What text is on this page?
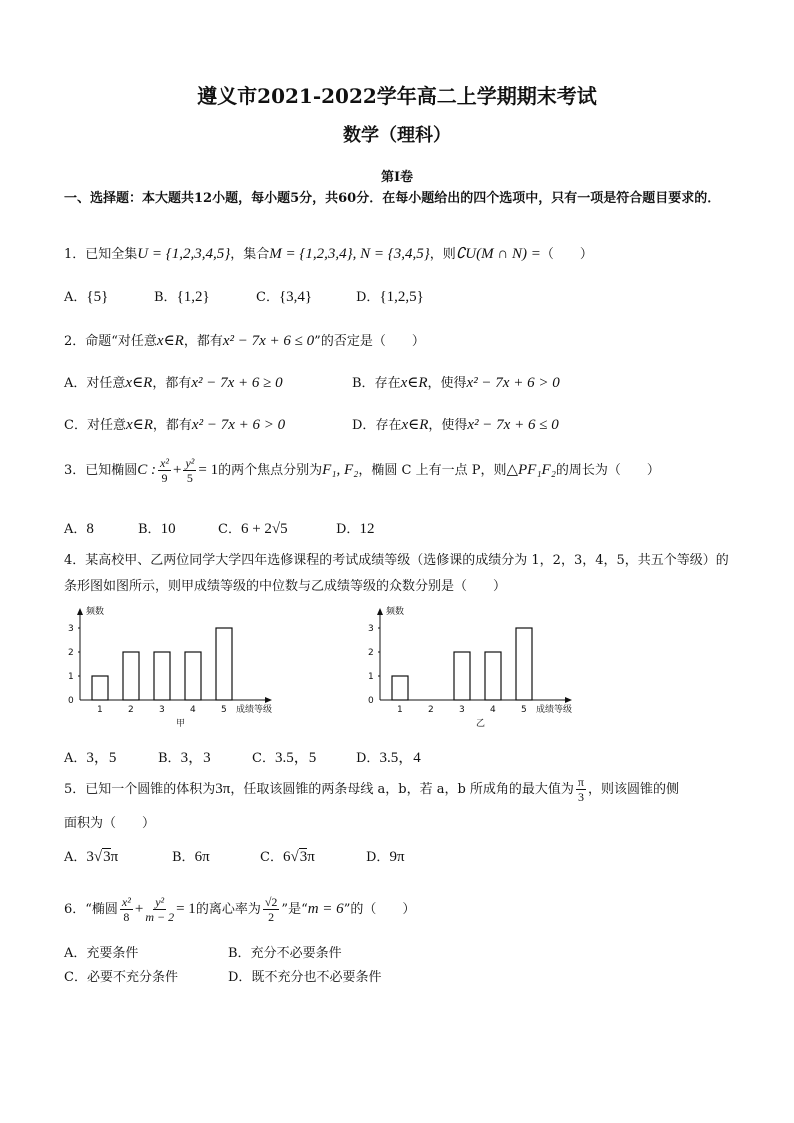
遵义市2021-2022学年高二上学期期末考试
数学（理科）
第Ⅰ卷
一、选择题：本大题共12小题，每小题5分，共60分．在每小题给出的四个选项中，只有一项是符合题目要求的．
1．已知全集U = {1,2,3,4,5}，集合M = {1,2,3,4}, N = {3,4,5}，则∁U(M ∩ N) =（　　）
A．{5}	B．{1,2}	C．{3,4}	D．{1,2,5}
2．命题“对任意x∈R，都有x² − 7x + 6 ≤ 0”的否定是（　　）
A．对任意x∈R，都有x² − 7x + 6 ≥ 0	B．存在x∈R，使得x² − 7x + 6 > 0
C．对任意x∈R，都有x² − 7x + 6 > 0	D．存在x∈R，使得x² − 7x + 6 ≤ 0
3．已知椭圆C : $\frac{\text{x²}}{9} + \frac{\text{y²}}{5} = 1$的两个焦点分别为F₁, F₂，椭圆 C 上有一点 P，则△PF₁F₂的周长为（　　）
A．8	B．10	C．6 + 2√5	D．12
4．某高校甲、乙两位同学大学四年选修课程的考试成绩等级（选修课的成绩分为 1，2，3，4，5，共五个等级）的条形图如图所示，则甲成绩等级的中位数与乙成绩等级的众数分别是（　　）
频数
0
1
2
3
1	2	3	4	5 成绩等级
甲
频数
0
1
2
3
1	2	3	4	5 成绩等级
乙
A．3，5	B．3，3	C．3.5，5	D．3.5，4
5．已知一个圆锥的体积为3π，任取该圆锥的两条母线 a，b，若 a，b 所成角的最大值为 $\frac{\pi}{3}$ ，则该圆锥的侧
面积为（　　）
A．3√3π	B．6π	C．6√3π	D．9π
6．“椭圆 $\frac{\text{x²}}{8} + \frac{\text{y²}}{m - 2} = 1$的离心率为 $\frac{√2}{2}$ ”是“m = 6”的（　　）
A．充要条件	B．充分不必要条件
C．必要不充分条件	D．既不充分也不必要条件
